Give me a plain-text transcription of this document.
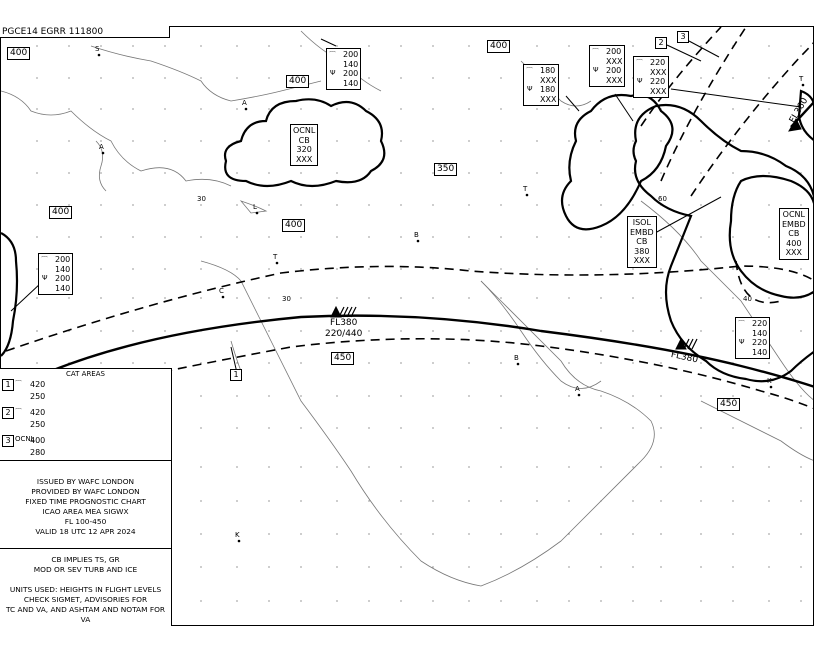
S
A
A
L
C
T
B
T
B
A
K
K
T
30
30
60
40
PGCE14 EGRR 111800
400
400
400
400
350
400
450
450
OCNL
CB
320
XXX
ISOL
EMBD
CB
380
XXX
OCNL
EMBD
CB
400
XXX
⌒
Ψ
200
140
200
140
⌒
Ψ
200
140
200
140
⌒
Ψ
180
XXX
180
XXX
⌒
Ψ
200
XXX
200
XXX
⌒
Ψ
220
XXX
220
XXX
⌒
Ψ
220
140
220
140
1
2
3
FL380
220/440
FL380
FL360
CAT AREAS
1 ⌒ 420
250
2 ⌒ 420
250
3 OCNL
400
280
ISSUED BY WAFC LONDON
PROVIDED BY WAFC LONDON
FIXED TIME PROGNOSTIC CHART
ICAO AREA MEA SIGWX
FL 100-450
VALID 18 UTC 12 APR 2024
CB IMPLIES TS, GR
MOD OR SEV TURB AND ICE

UNITS USED: HEIGHTS IN FLIGHT LEVELS
CHECK SIGMET, ADVISORIES FOR
TC AND VA, AND ASHTAM AND NOTAM FOR VA
